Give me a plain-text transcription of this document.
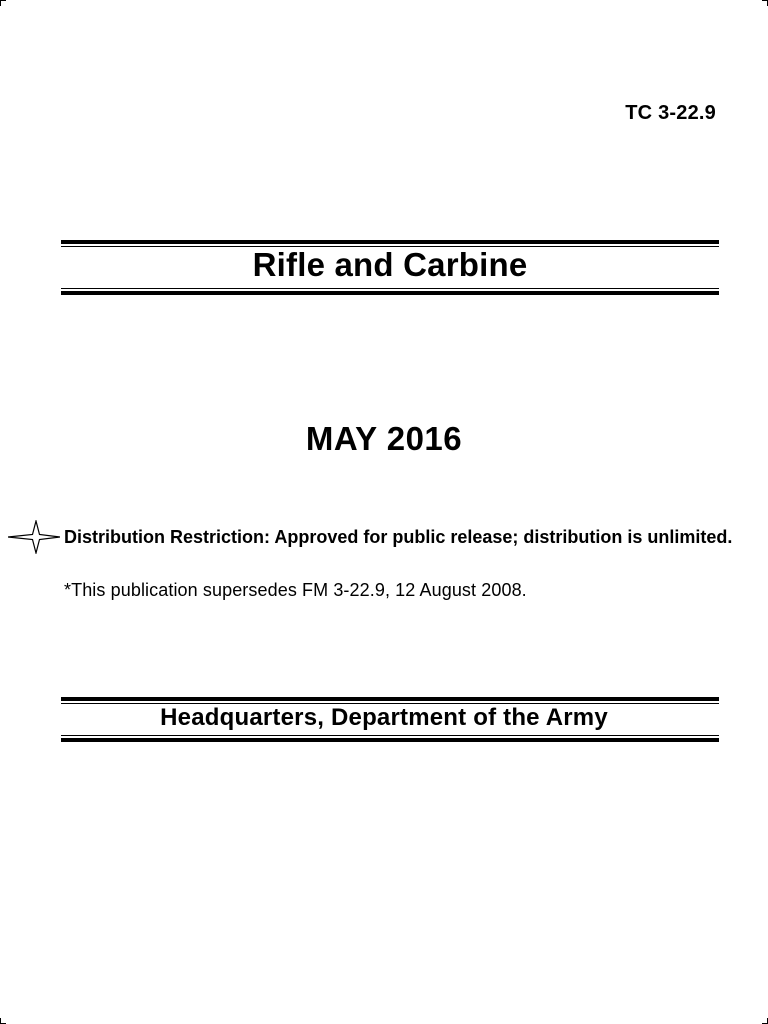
TC 3-22.9
Rifle and Carbine
MAY 2016
Distribution Restriction: Approved for public release; distribution is unlimited.
*This publication supersedes FM 3-22.9, 12 August 2008.
Headquarters, Department of the Army
